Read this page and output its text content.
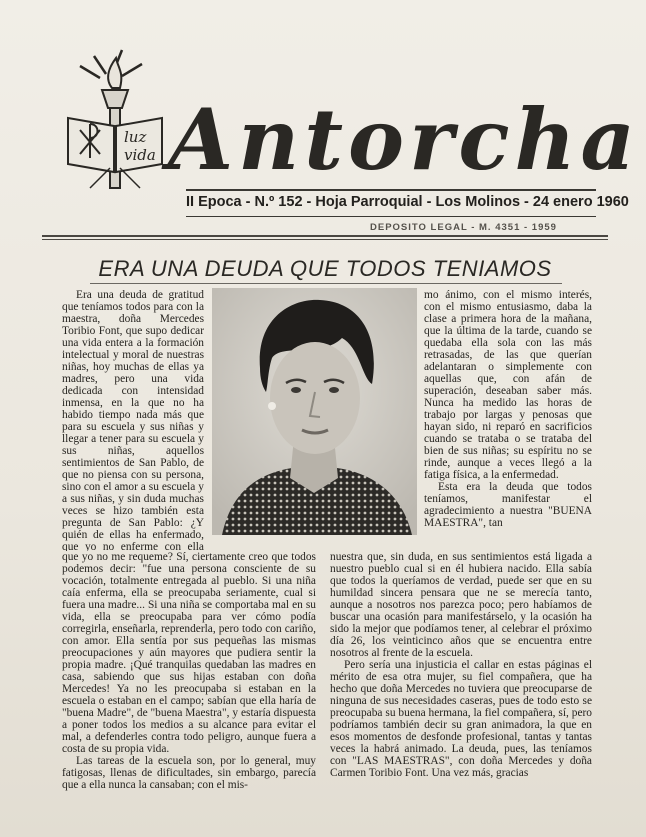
luz
vida Antorcha
II Epoca - N.º 152 - Hoja Parroquial - Los Molinos - 24 enero 1960
DEPOSITO LEGAL - M. 4351 - 1959
ERA UNA DEUDA QUE TODOS TENIAMOS

Era una deuda de gratitud que teníamos todos para con la maestra, doña Mercedes Toribio Font, que supo dedicar una vida entera a la formación intelectual y moral de nuestras niñas, hoy muchas de ellas ya madres, pero una vida dedicada con intensidad inmensa, en la que no ha habido tiempo nada más que para su escuela y sus niñas y llegar a tener para su escuela y sus niñas, aquellos sentimientos de San Pablo, de que no piensa con su persona, sino con el amor a su escuela y a sus niñas, y sin duda muchas veces se hizo también esta pregunta de San Pablo: ¿Y quién de ellas ha enfermado, que yo no enferme con ella

mo ánimo, con el mismo interés, con el mismo entusiasmo, daba la clase a primera hora de la mañana, que la última de la tarde, cuando se quedaba ella sola con las más retrasadas, de las que querían adelantaran o simplemente con aquellas que, con afán de superación, deseaban saber más. Nunca ha medido las horas de trabajo por largas y penosas que hayan sido, ni reparó en sacrificios cuando se trataba o se trataba del bien de sus niñas; su espíritu no se rinde, aunque a veces llegó a la fatiga física, a la enfermedad.

Esta era la deuda que todos teníamos, manifestar el agradecimiento a nuestra "BUENA MAESTRA", tan

que yo no me requeme? Sí, ciertamente creo que todos podemos decir: "fue una persona consciente de su vocación, totalmente entregada al pueblo. Si una niña caía enferma, ella se preocupaba seriamente, cual si fuera una madre... Si una niña se comportaba mal en su vida, ella se preocupaba para ver cómo podía corregirla, enseñarla, reprenderla, pero todo con cariño, con amor. Ella sentía por sus pequeñas las mismas preocupaciones y aún mayores que pudiera sentir la propia madre. ¡Qué tranquilas quedaban las madres en casa, sabiendo que sus hijas estaban con doña Mercedes! Ya no les preocupaba si estaban en la escuela o estaban en el campo; sabían que ella haría de "buena Madre", de "buena Maestra", y estaría dispuesta a poner todos los medios a su alcance para evitar el mal, a defenderles contra todo peligro, aunque fuera a costa de su propia vida.

Las tareas de la escuela son, por lo general, muy fatigosas, llenas de dificultades, sin embargo, parecía que a ella nunca la cansaban; con el mis-

nuestra que, sin duda, en sus sentimientos está ligada a nuestro pueblo cual si en él hubiera nacido. Ella sabía que todos la queríamos de verdad, puede ser que en su humildad sincera pensara que ne se merecía tanto, aunque a nosotros nos parezca poco; pero habíamos de buscar una ocasión para manifestárselo, y la ocasión ha sido la mejor que podíamos tener, al celebrar el próximo día 26, los veinticinco años que se encuentra entre nosotros al frente de la escuela.

Pero sería una injusticia el callar en estas páginas el mérito de esa otra mujer, su fiel compañera, que ha hecho que doña Mercedes no tuviera que preocuparse de ninguna de sus necesidades caseras, pues de todo esto se preocupaba su buena hermana, la fiel compañera, sí, pero podríamos también decir su gran animadora, la que en esos momentos de desfonde profesional, tantas y tantas veces la habrá animado. La deuda, pues, las teníamos con "LAS MAESTRAS", con doña Mercedes y doña Carmen Toribio Font. Una vez más, gracias
